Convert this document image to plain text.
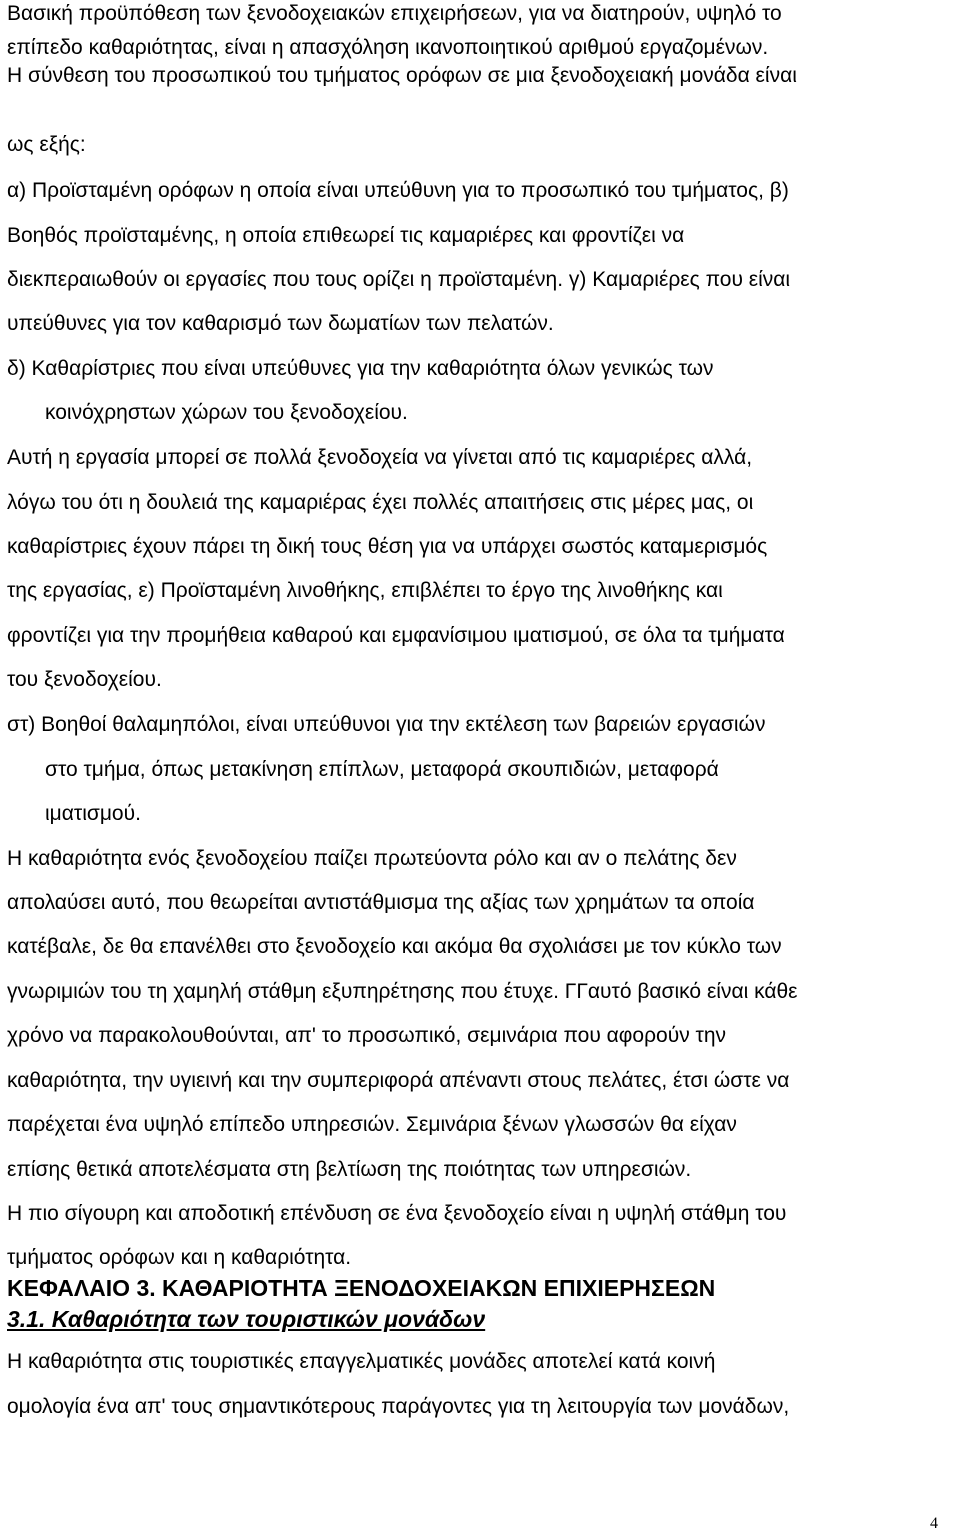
Βασική προϋπόθεση των ξενοδοχειακών επιχειρήσεων, για να διατηρούν, υψηλό το

επίπεδο καθαριότητας, είναι η απασχόληση ικανοποιητικού αριθμού εργαζομένων.

Η σύνθεση του προσωπικού του τμήματος ορόφων σε μια ξενοδοχειακή μονάδα είναι

ως εξής:

α) Προϊσταμένη ορόφων η οποία είναι υπεύθυνη για το προσωπικό του τμήματος, β)

Βοηθός προϊσταμένης, η οποία επιθεωρεί τις καμαριέρες και φροντίζει να

διεκπεραιωθούν οι εργασίες που τους ορίζει η προϊσταμένη. γ) Καμαριέρες που είναι

υπεύθυνες για τον καθαρισμό των δωματίων των πελατών.

δ) Καθαρίστριες που είναι υπεύθυνες για την καθαριότητα όλων γενικώς των

κοινόχρηστων χώρων του ξενοδοχείου.

Αυτή η εργασία μπορεί σε πολλά ξενοδοχεία να γίνεται από τις καμαριέρες αλλά,

λόγω του ότι η δουλειά της καμαριέρας έχει πολλές απαιτήσεις στις μέρες μας, οι

καθαρίστριες έχουν πάρει τη δική τους θέση για να υπάρχει σωστός καταμερισμός

της εργασίας, ε) Προϊσταμένη λινοθήκης, επιβλέπει το έργο της λινοθήκης και

φροντίζει για την προμήθεια καθαρού και εμφανίσιμου ιματισμού, σε όλα τα τμήματα

του ξενοδοχείου.

στ) Βοηθοί θαλαμηπόλοι, είναι υπεύθυνοι για την εκτέλεση των βαρειών εργασιών

στο τμήμα, όπως μετακίνηση επίπλων, μεταφορά σκουπιδιών, μεταφορά

ιματισμού.

Η καθαριότητα ενός ξενοδοχείου παίζει πρωτεύοντα ρόλο και αν ο πελάτης δεν

απολαύσει αυτό, που θεωρείται αντιστάθμισμα της αξίας των χρημάτων τα οποία

κατέβαλε, δε θα επανέλθει στο ξενοδοχείο και ακόμα θα σχολιάσει με τον κύκλο των

γνωριμιών του τη χαμηλή στάθμη εξυπηρέτησης που έτυχε. ΓΓαυτό βασικό είναι κάθε

χρόνο να παρακολουθούνται, απ' το προσωπικό, σεμινάρια που αφορούν την

καθαριότητα, την υγιεινή και την συμπεριφορά απέναντι στους πελάτες, έτσι ώστε να

παρέχεται ένα υψηλό επίπεδο υπηρεσιών. Σεμινάρια ξένων γλωσσών θα είχαν

επίσης θετικά αποτελέσματα στη βελτίωση της ποιότητας των υπηρεσιών.

Η πιο σίγουρη και αποδοτική επένδυση σε ένα ξενοδοχείο είναι η υψηλή στάθμη του

τμήματος ορόφων και η καθαριότητα.

ΚΕΦΑΛΑΙΟ 3. ΚΑΘΑΡΙΟΤΗΤΑ ΞΕΝΟΔΟΧΕΙΑΚΩΝ ΕΠΙΧΙΕΡΗΣΕΩΝ
3.1. Καθαριότητα των τουριστικών μονάδων

Η καθαριότητα στις τουριστικές επαγγελματικές μονάδες αποτελεί κατά κοινή

ομολογία ένα απ' τους σημαντικότερους παράγοντες για τη λειτουργία των μονάδων,

4
